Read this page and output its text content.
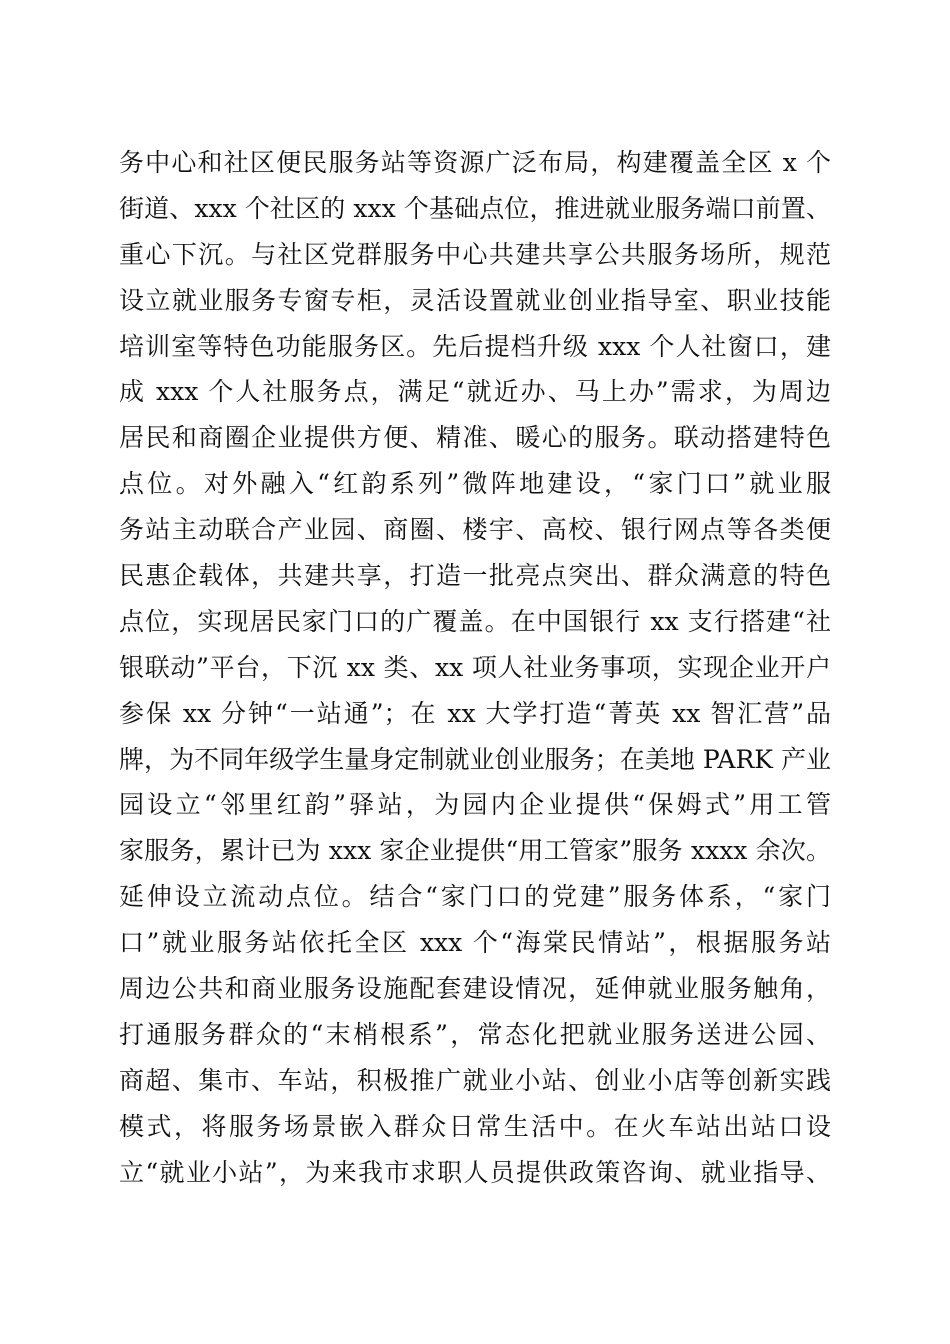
务中心和社区便民服务站等资源广泛布局，构建覆盖全区 x 个
街道、xxx 个社区的 xxx 个基础点位，推进就业服务端口前置、
重心下沉。与社区党群服务中心共建共享公共服务场所，规范
设立就业服务专窗专柜，灵活设置就业创业指导室、职业技能
培训室等特色功能服务区。先后提档升级 xxx 个人社窗口，建
成 xxx 个人社服务点，满足“就近办、马上办”需求，为周边
居民和商圈企业提供方便、精准、暖心的服务。联动搭建特色
点位。对外融入“红韵系列”微阵地建设，“家门口”就业服
务站主动联合产业园、商圈、楼宇、高校、银行网点等各类便
民惠企载体，共建共享，打造一批亮点突出、群众满意的特色
点位，实现居民家门口的广覆盖。在中国银行 xx 支行搭建“社
银联动”平台，下沉 xx 类、xx 项人社业务事项，实现企业开户
参保 xx 分钟“一站通”；在 xx 大学打造“菁英 xx 智汇营”品
牌，为不同年级学生量身定制就业创业服务；在美地 PARK 产业
园设立“邻里红韵”驿站，为园内企业提供“保姆式”用工管
家服务，累计已为 xxx 家企业提供“用工管家”服务 xxxx 余次。
延伸设立流动点位。结合“家门口的党建”服务体系，“家门
口”就业服务站依托全区 xxx 个“海棠民情站”，根据服务站
周边公共和商业服务设施配套建设情况，延伸就业服务触角，
打通服务群众的“末梢根系”，常态化把就业服务送进公园、
商超、集市、车站，积极推广就业小站、创业小店等创新实践
模式，将服务场景嵌入群众日常生活中。在火车站出站口设
立“就业小站”，为来我市求职人员提供政策咨询、就业指导、
